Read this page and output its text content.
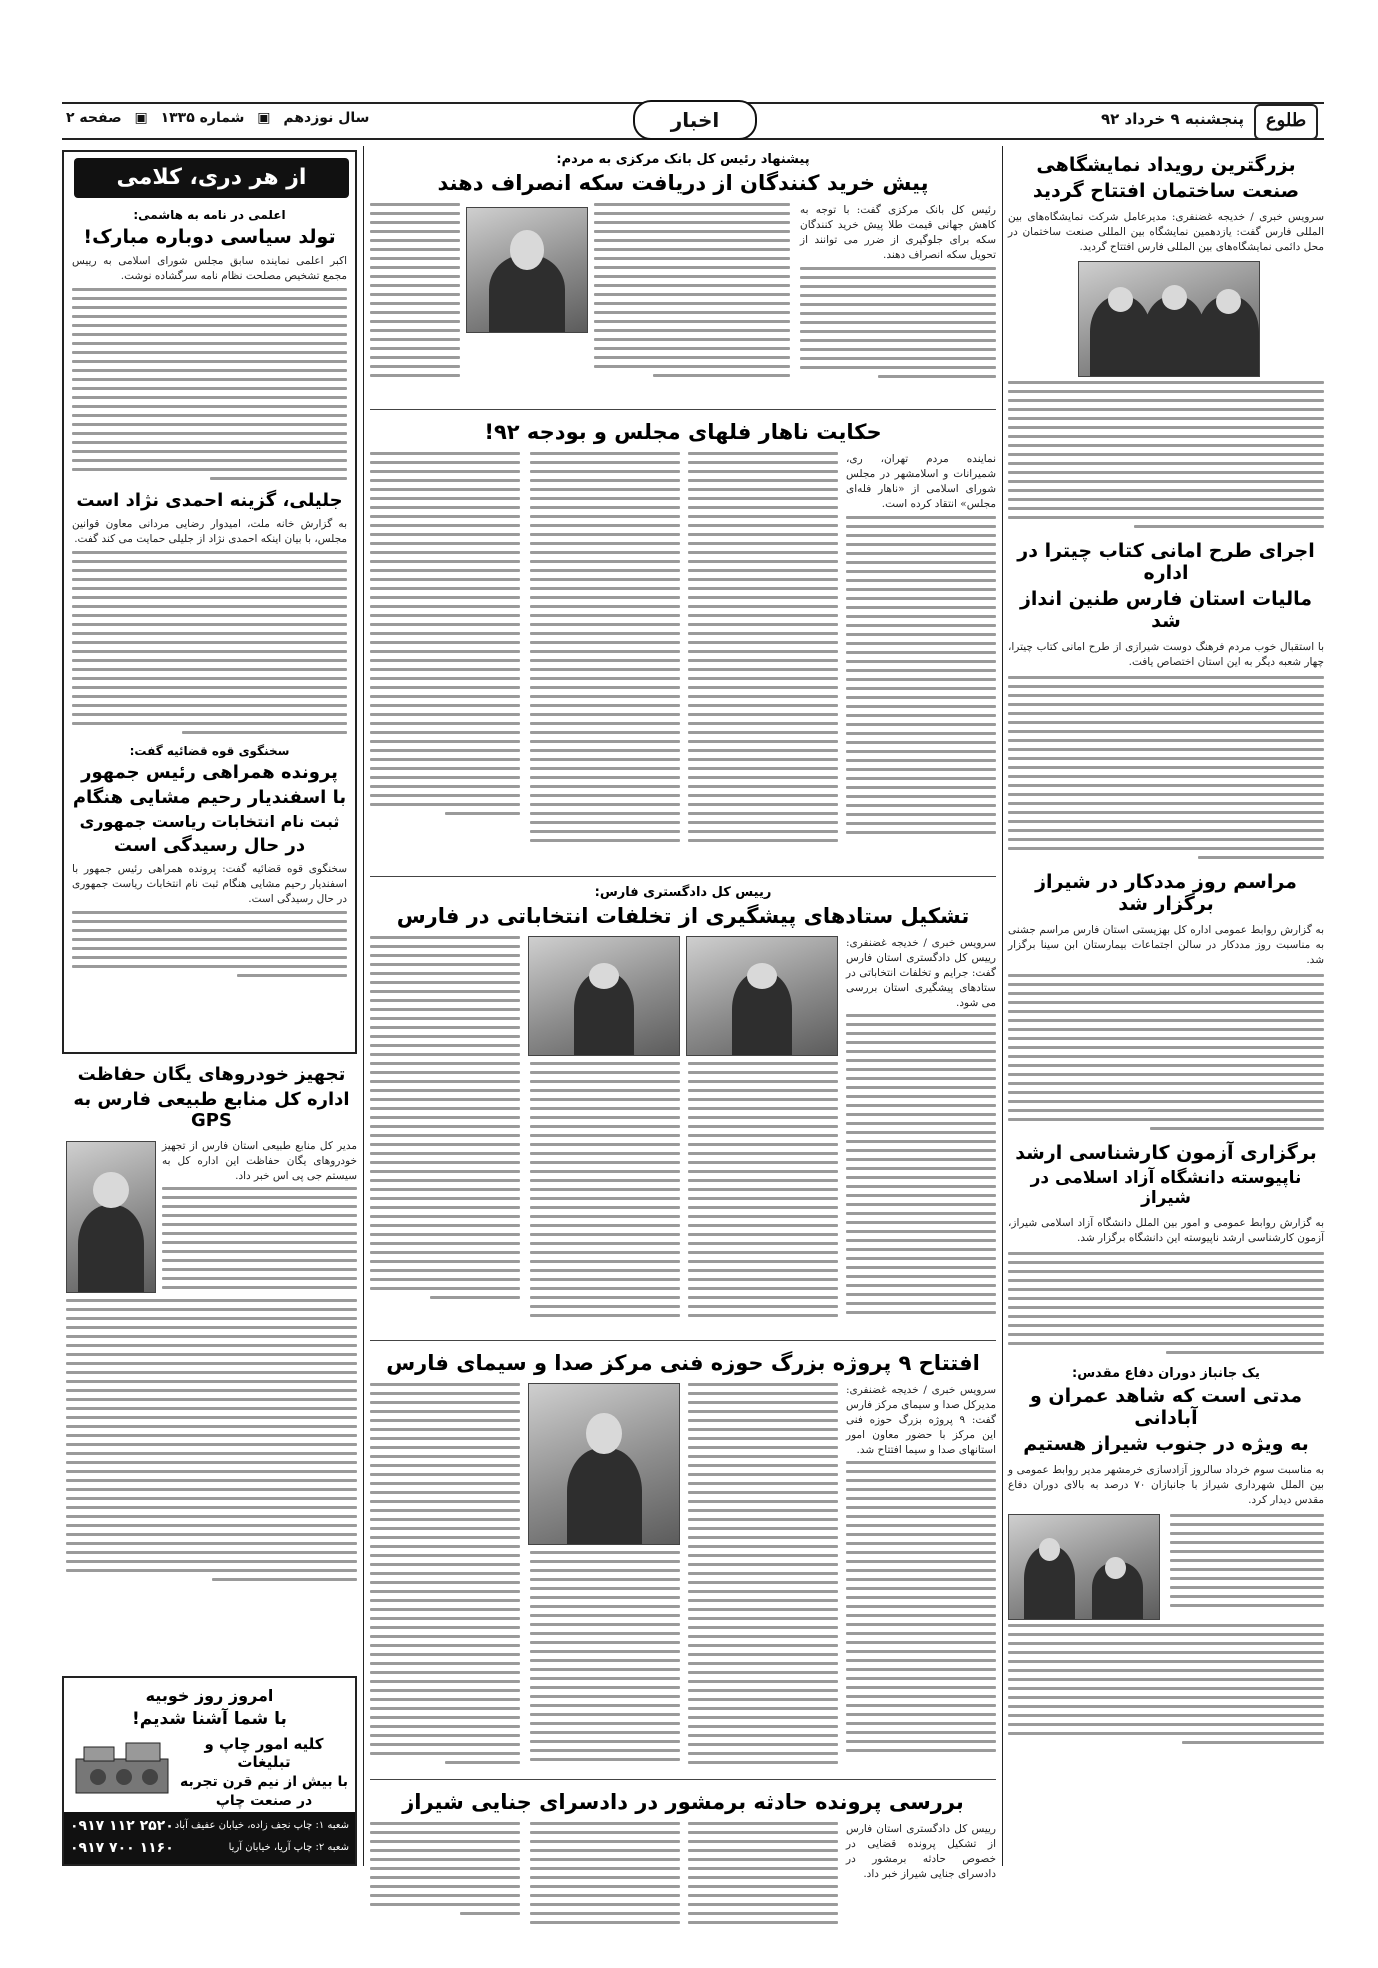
طلوع
پنجشنبه ۹ خرداد ۹۲
اخبار
سال نوزدهم ▣ شماره ۱۳۳۵ ▣ صفحه ۲
بزرگترین رویداد نمایشگاهی
صنعت ساختمان افتتاح گردید
سرویس خبری / خدیجه غضنفری: مدیرعامل شرکت نمایشگاه‌های بین المللی فارس گفت: یازدهمین نمایشگاه بین المللی صنعت ساختمان در محل دائمی نمایشگاه‌های بین المللی فارس افتتاح گردید.
اجرای طرح امانی کتاب چیترا در اداره
مالیات استان فارس طنین انداز شد
با استقبال خوب مردم فرهنگ دوست شیرازی از طرح امانی کتاب چیترا، چهار شعبه دیگر به این استان اختصاص یافت.
مراسم روز مددکار در شیراز برگزار شد
به گزارش روابط عمومی اداره کل بهزیستی استان فارس مراسم جشنی به مناسبت روز مددکار در سالن اجتماعات بیمارستان ابن سینا برگزار شد.
برگزاری آزمون کارشناسی ارشد
ناپیوسته دانشگاه آزاد اسلامی در شیراز
به گزارش روابط عمومی و امور بین الملل دانشگاه آزاد اسلامی شیراز، آزمون کارشناسی ارشد ناپیوسته این دانشگاه برگزار شد.
یک جانباز دوران دفاع مقدس:
مدتی است که شاهد عمران و آبادانی
به ویژه در جنوب شیراز هستیم
به مناسبت سوم خرداد سالروز آزادسازی خرمشهر مدیر روابط عمومی و بین الملل شهرداری شیراز با جانبازان ۷۰ درصد به بالای دوران دفاع مقدس دیدار کرد.
پیشنهاد رئیس کل بانک مرکزی به مردم:
پیش خرید کنندگان از دریافت سکه انصراف دهند
رئیس کل بانک مرکزی گفت: با توجه به کاهش جهانی قیمت طلا پیش خرید کنندگان سکه برای جلوگیری از ضرر می توانند از تحویل سکه انصراف دهند.
حکایت ناهار فلهای مجلس و بودجه ۹۲!
نماینده مردم تهران، ری، شمیرانات و اسلامشهر در مجلس شورای اسلامی از «ناهار فله‌ای مجلس» انتقاد کرده است.
رییس کل دادگستری فارس:
تشکیل ستادهای پیشگیری از تخلفات انتخاباتی در فارس
سرویس خبری / خدیجه غضنفری: رییس کل دادگستری استان فارس گفت: جرایم و تخلفات انتخاباتی در ستادهای پیشگیری استان بررسی می شود.
افتتاح ۹ پروژه بزرگ حوزه فنی مرکز صدا و سیمای فارس
سرویس خبری / خدیجه غضنفری: مدیرکل صدا و سیمای مرکز فارس گفت: ۹ پروژه بزرگ حوزه فنی این مرکز با حضور معاون امور استانهای صدا و سیما افتتاح شد.
بررسی پرونده حادثه برمشور در دادسرای جنایی شیراز
رییس کل دادگستری استان فارس از تشکیل پرونده قضایی در خصوص حادثه برمشور در دادسرای جنایی شیراز خبر داد.
از هر دری، کلامی
اعلمی در نامه به هاشمی:
تولد سیاسی دوباره مبارک!
اکبر اعلمی نماینده سابق مجلس شورای اسلامی به رییس مجمع تشخیص مصلحت نظام نامه سرگشاده نوشت.
جلیلی، گزینه احمدی نژاد است
به گزارش خانه ملت، امیدوار رضایی مردانی معاون قوانین مجلس، با بیان اینکه احمدی نژاد از جلیلی حمایت می کند گفت.
سخنگوی قوه قضائیه گفت:
پرونده همراهی رئیس جمهور
با اسفندیار رحیم مشایی هنگام
ثبت نام انتخابات ریاست جمهوری
در حال رسیدگی است
سخنگوی قوه قضائیه گفت: پرونده همراهی رئیس جمهور با اسفندیار رحیم مشایی هنگام ثبت نام انتخابات ریاست جمهوری در حال رسیدگی است.
تجهیز خودروهای یگان حفاظت
اداره کل منابع طبیعی فارس به GPS
مدیر کل منابع طبیعی استان فارس از تجهیز خودروهای یگان حفاظت این اداره کل به سیستم جی پی اس خبر داد.
امروز روز خوبیه
با شما آشنا شدیم!
کلیه امور چاپ و تبلیغات
با بیش از نیم قرن تجربه
در صنعت چاپ
۰۹۱۷ ۱۱۲ ۲۵۲۰
۰۹۱۷ ۷۰۰ ۱۱۶۰
شعبه ۱: چاپ نجف زاده، خیابان عفیف آباد
شعبه ۲: چاپ آریا، خیابان آریا
